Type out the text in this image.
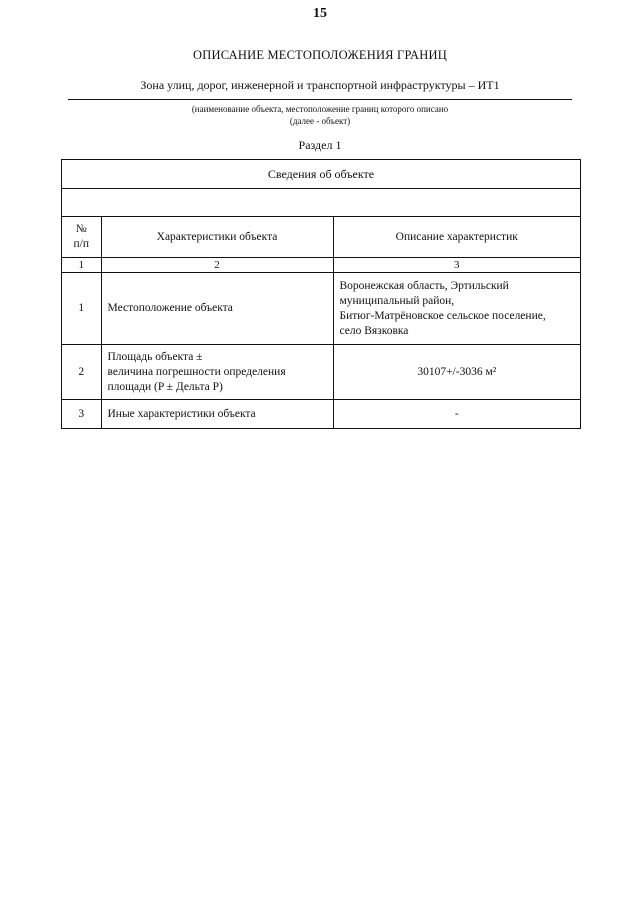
15
ОПИСАНИЕ МЕСТОПОЛОЖЕНИЯ ГРАНИЦ
Зона улиц, дорог, инженерной и транспортной инфраструктуры – ИТ1
(наименование объекта, местоположение границ которого описано
(далее - объект)
Раздел 1
Сведения об объекте
№
п/п	Характеристики объекта	Описание характеристик
1	2	3
1	Местоположение объекта	Воронежская область, Эртильский
муниципальный район,
Битюг-Матрёновское сельское поселение,
село Вязковка

2	Площадь объекта ±
величина погрешности определения
площади (P ± Дельта P)	30107+/-3036 м²
3	Иные характеристики объекта	-
